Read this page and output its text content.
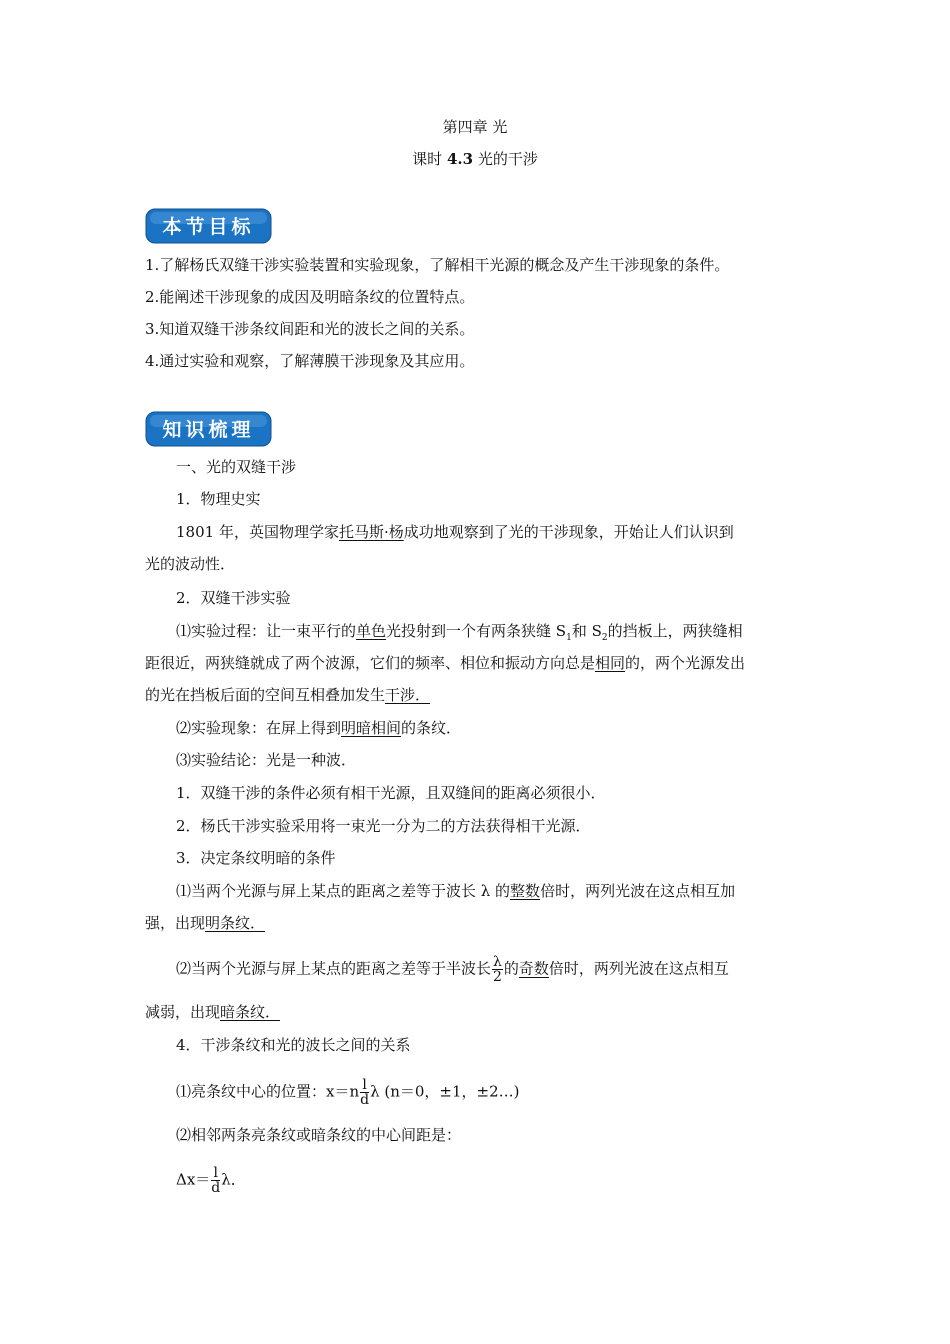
第四章 光
课时 4.3 光的干涉
本节目标
1.了解杨氏双缝干涉实验装置和实验现象，了解相干光源的概念及产生干涉现象的条件。
2.能阐述干涉现象的成因及明暗条纹的位置特点。
3.知道双缝干涉条纹间距和光的波长之间的关系。
4.通过实验和观察，了解薄膜干涉现象及其应用。
知识梳理
一、光的双缝干涉
1．物理史实
1801 年，英国物理学家托马斯·杨成功地观察到了光的干涉现象，开始让人们认识到
光的波动性．
2．双缝干涉实验
⑴实验过程：让一束平行的单色光投射到一个有两条狭缝 $S_1$和 $S_2$的挡板上，两狭缝相
距很近，两狭缝就成了两个波源，它们的频率、相位和振动方向总是相同的，两个光源发出
的光在挡板后面的空间互相叠加发生干涉．
⑵实验现象：在屏上得到明暗相间的条纹．
⑶实验结论：光是一种波．
1．双缝干涉的条件必须有相干光源，且双缝间的距离必须很小．
2．杨氏干涉实验采用将一束光一分为二的方法获得相干光源．
3．决定条纹明暗的条件
⑴当两个光源与屏上某点的距离之差等于波长 λ 的整数倍时，两列光波在这点相互加
强，出现明条纹．
⑵当两个光源与屏上某点的距离之差等于半波长 $\frac{\lambda}{2}$ 的奇数倍时，两列光波在这点相互
减弱，出现暗条纹．
4．干涉条纹和光的波长之间的关系
⑴亮条纹中心的位置：$x=n \frac{l}{d}$ λ (n＝0，±1，±2…)
⑵相邻两条亮条纹或暗条纹的中心间距是：
$\Delta x= \frac{l}{d}$ λ．
